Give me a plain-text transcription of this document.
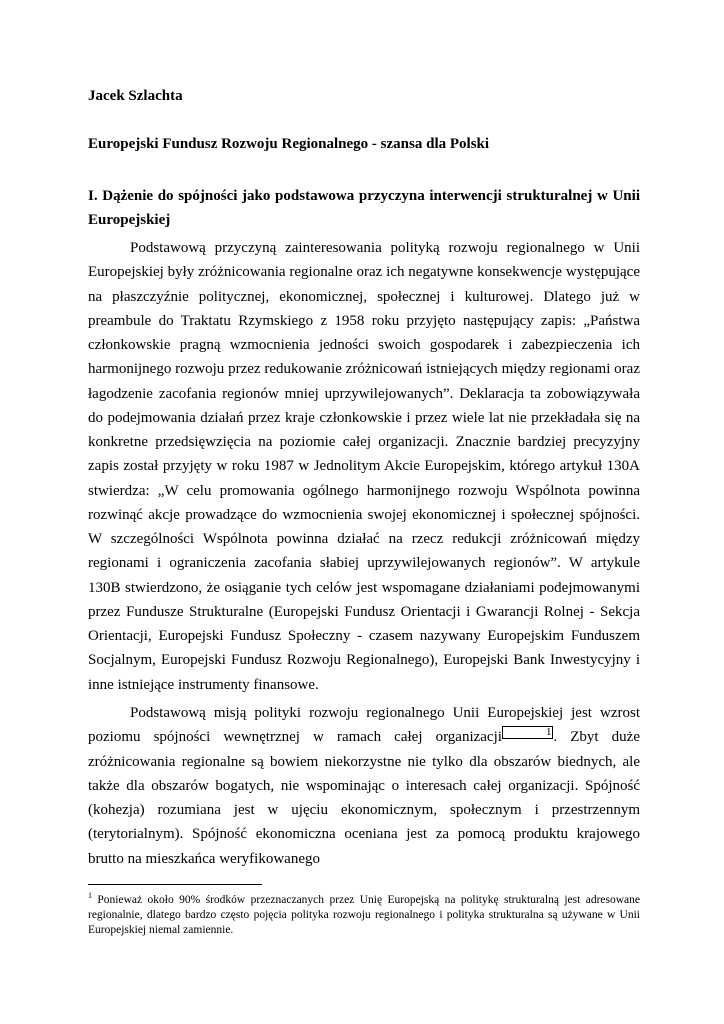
Jacek Szlachta
Europejski Fundusz Rozwoju Regionalnego - szansa dla Polski
I. Dążenie do spójności jako podstawowa przyczyna interwencji strukturalnej w Unii Europejskiej

Podstawową przyczyną zainteresowania polityką rozwoju regionalnego w Unii Europejskiej były zróżnicowania regionalne oraz ich negatywne konsekwencje występujące na płaszczyźnie politycznej, ekonomicznej, społecznej i kulturowej. Dlatego już w preambule do Traktatu Rzymskiego z 1958 roku przyjęto następujący zapis: „Państwa członkowskie pragną wzmocnienia jedności swoich gospodarek i zabezpieczenia ich harmonijnego rozwoju przez redukowanie zróżnicowań istniejących między regionami oraz łagodzenie zacofania regionów mniej uprzywilejowanych”. Deklaracja ta zobowiązywała do podejmowania działań przez kraje członkowskie i przez wiele lat nie przekładała się na konkretne przedsięwzięcia na poziomie całej organizacji. Znacznie bardziej precyzyjny zapis został przyjęty w roku 1987 w Jednolitym Akcie Europejskim, którego artykuł 130A stwierdza: „W celu promowania ogólnego harmonijnego rozwoju Wspólnota powinna rozwinąć akcje prowadzące do wzmocnienia swojej ekonomicznej i społecznej spójności. W szczególności Wspólnota powinna działać na rzecz redukcji zróżnicowań między regionami i ograniczenia zacofania słabiej uprzywilejowanych regionów”. W artykule 130B stwierdzono, że osiąganie tych celów jest wspomagane działaniami podejmowanymi przez Fundusze Strukturalne (Europejski Fundusz Orientacji i Gwarancji Rolnej - Sekcja Orientacji, Europejski Fundusz Społeczny - czasem nazywany Europejskim Funduszem Socjalnym, Europejski Fundusz Rozwoju Regionalnego), Europejski Bank Inwestycyjny i inne istniejące instrumenty finansowe.

Podstawową misją polityki rozwoju regionalnego Unii Europejskiej jest wzrost poziomu spójności wewnętrznej w ramach całej organizacji	1 . Zbyt duże zróżnicowania regionalne są bowiem niekorzystne nie tylko dla obszarów biednych, ale także dla obszarów bogatych, nie wspominając o interesach całej organizacji. Spójność (kohezja) rozumiana jest w ujęciu ekonomicznym, społecznym i przestrzennym (terytorialnym). Spójność ekonomiczna oceniana jest za pomocą produktu krajowego brutto na mieszkańca weryfikowanego

$^1$ Ponieważ około 90% środków przeznaczanych przez Unię Europejską na politykę strukturalną jest adresowane regionalnie, dlatego bardzo często pojęcia polityka rozwoju regionalnego i polityka strukturalna są używane w Unii Europejskiej niemal zamiennie.
